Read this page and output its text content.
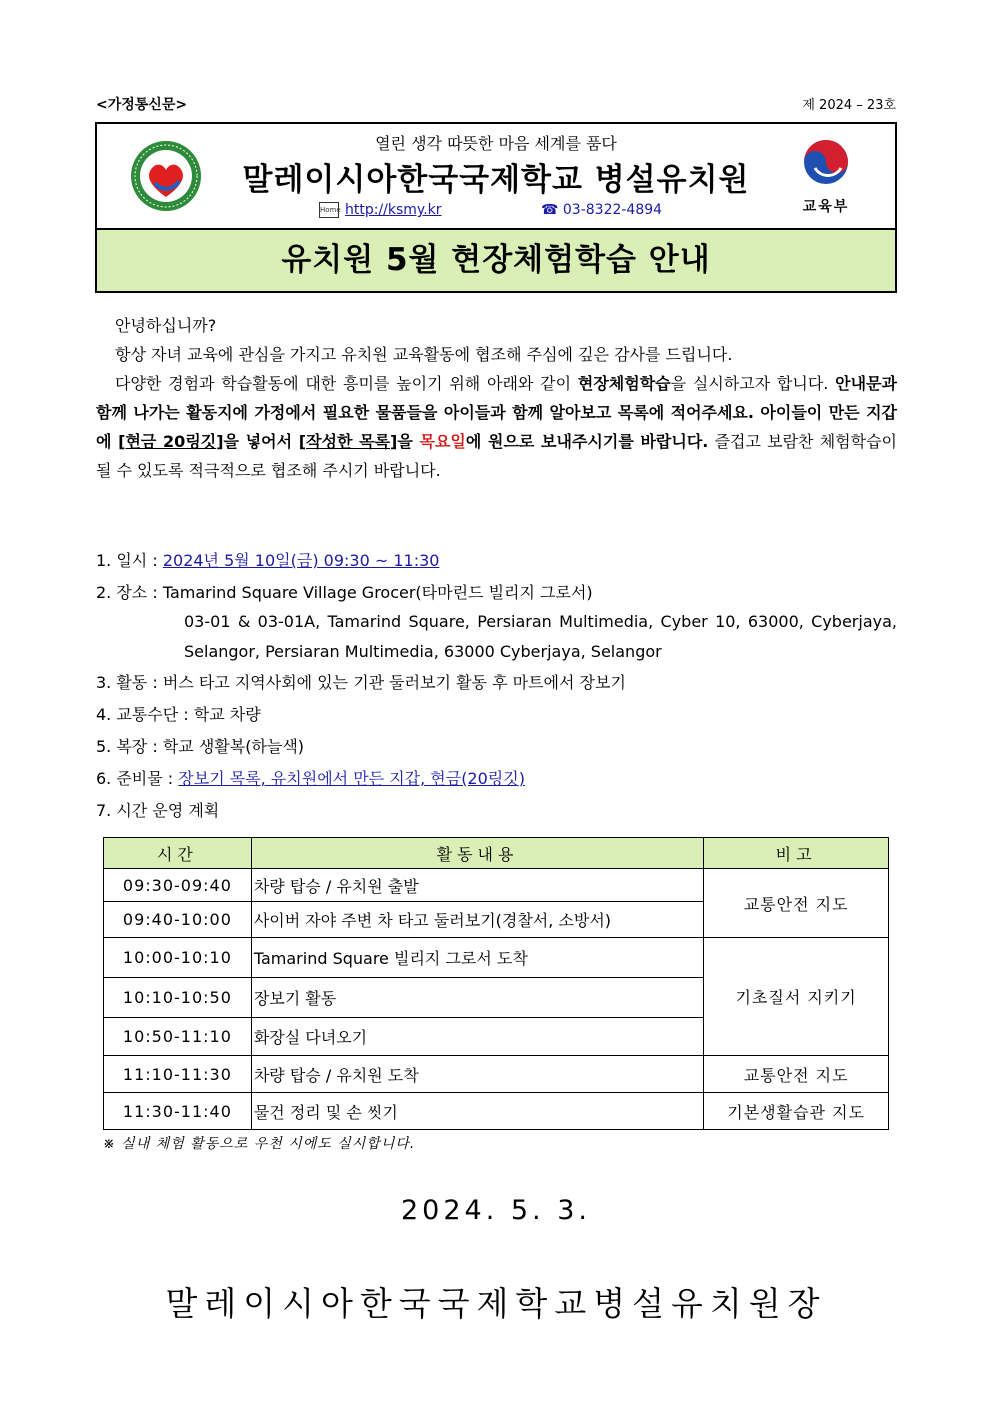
<가정통신문>	제 2024 – 23호
열린 생각 따뜻한 마음 세계를 품다
말레이시아한국국제학교 병설유치원
Home http://ksmy.kr	☎ 03-8322-4894	교육부
유치원 5월 현장체험학습 안내

안녕하십니까?

항상 자녀 교육에 관심을 가지고 유치원 교육활동에 협조해 주심에 깊은 감사를 드립니다.

다양한 경험과 학습활동에 대한 흥미를 높이기 위해 아래와 같이 현장체험학습을 실시하고자 합니다. 안내문과 함께 나가는 활동지에 가정에서 필요한 물품들을 아이들과 함께 알아보고 목록에 적어주세요. 아이들이 만든 지갑에 [현금 20링깃]을 넣어서 [작성한 목록]을 목요일에 원으로 보내주시기를 바랍니다. 즐겁고 보람찬 체험학습이 될 수 있도록 적극적으로 협조해 주시기 바랍니다.

1. 일시 : 2024년 5월 10일(금) 09:30 ~ 11:30
2. 장소 : Tamarind Square Village Grocer(타마린드 빌리지 그로서)
03-01 & 03-01A, Tamarind Square, Persiaran Multimedia, Cyber 10, 63000, Cyberjaya, Selangor, Persiaran Multimedia, 63000 Cyberjaya, Selangor
3. 활동 : 버스 타고 지역사회에 있는 기관 둘러보기 활동 후 마트에서 장보기
4. 교통수단 : 학교 차량
5. 복장 : 학교 생활복(하늘색)
6. 준비물 : 장보기 목록, 유치원에서 만든 지갑, 현금(20링깃)
7. 시간 운영 계획
시간	활동내용	비고
09:30-09:40	차량 탑승 / 유치원 출발	교통안전 지도
09:40-10:00	사이버 자야 주변 차 타고 둘러보기(경찰서, 소방서)	
10:00-10:10	Tamarind Square 빌리지 그로서 도착	기초질서 지키기
10:10-10:50	장보기 활동	
10:50-11:10	화장실 다녀오기	
11:10-11:30	차량 탑승 / 유치원 도착	교통안전 지도
11:30-11:40	물건 정리 및 손 씻기	기본생활습관 지도
※ 실내 체험 활동으로 우천 시에도 실시합니다.
2024. 5. 3.
말레이시아한국국제학교병설유치원장
